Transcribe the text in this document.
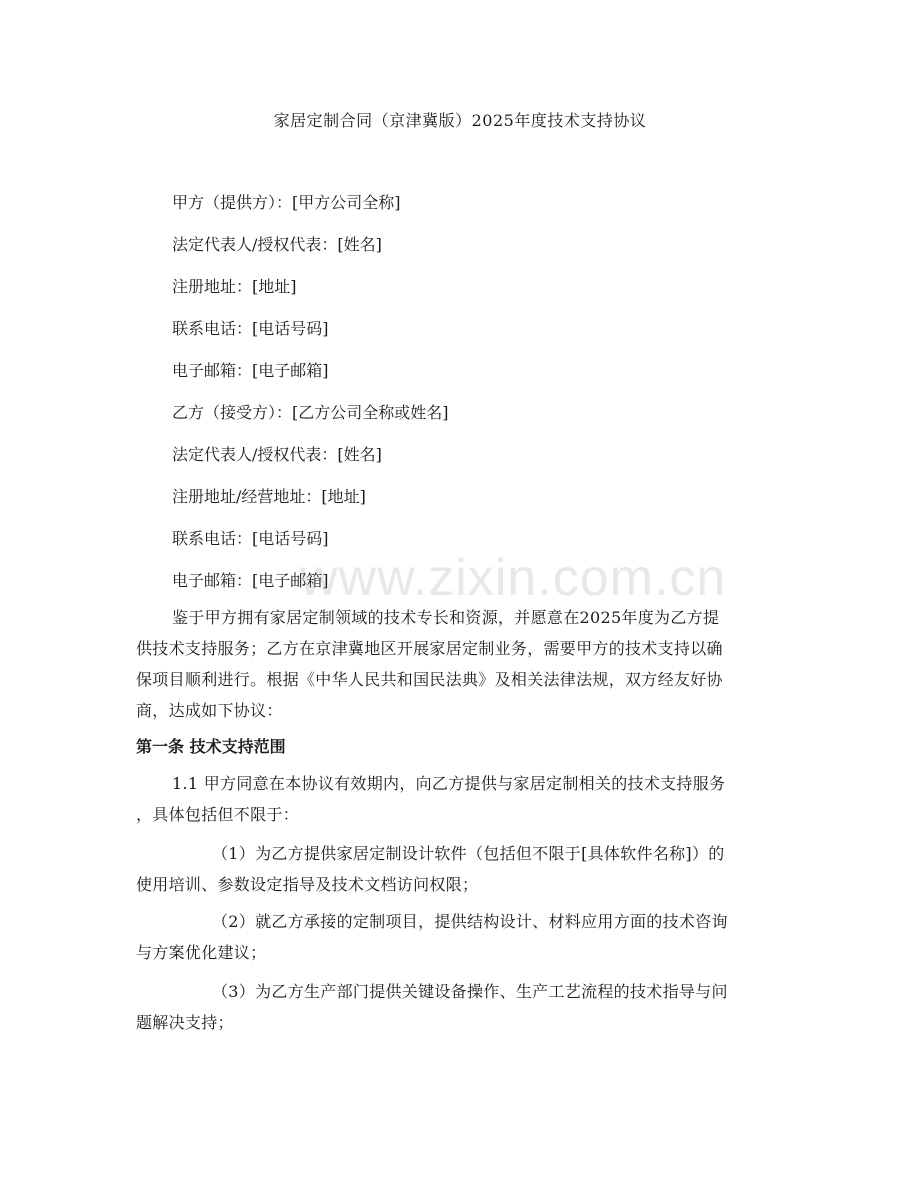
家居定制合同（京津冀版）2025年度技术支持协议
甲方（提供方）：[甲方公司全称]
法定代表人/授权代表：[姓名]
注册地址：[地址]
联系电话：[电话号码]
电子邮箱：[电子邮箱]
乙方（接受方）：[乙方公司全称或姓名]
法定代表人/授权代表：[姓名]
注册地址/经营地址：[地址]
联系电话：[电话号码]
电子邮箱：[电子邮箱]
鉴于甲方拥有家居定制领域的技术专长和资源，并愿意在2025年度为乙方提
供技术支持服务；乙方在京津冀地区开展家居定制业务，需要甲方的技术支持以确
保项目顺利进行。根据《中华人民共和国民法典》及相关法律法规，双方经友好协
商，达成如下协议：
第一条 技术支持范围
1.1 甲方同意在本协议有效期内，向乙方提供与家居定制相关的技术支持服务
，具体包括但不限于：
（1）为乙方提供家居定制设计软件（包括但不限于[具体软件名称]）的
使用培训、参数设定指导及技术文档访问权限；
（2）就乙方承接的定制项目，提供结构设计、材料应用方面的技术咨询
与方案优化建议；
（3）为乙方生产部门提供关键设备操作、生产工艺流程的技术指导与问
题解决支持；
www.zixin.com.cn
